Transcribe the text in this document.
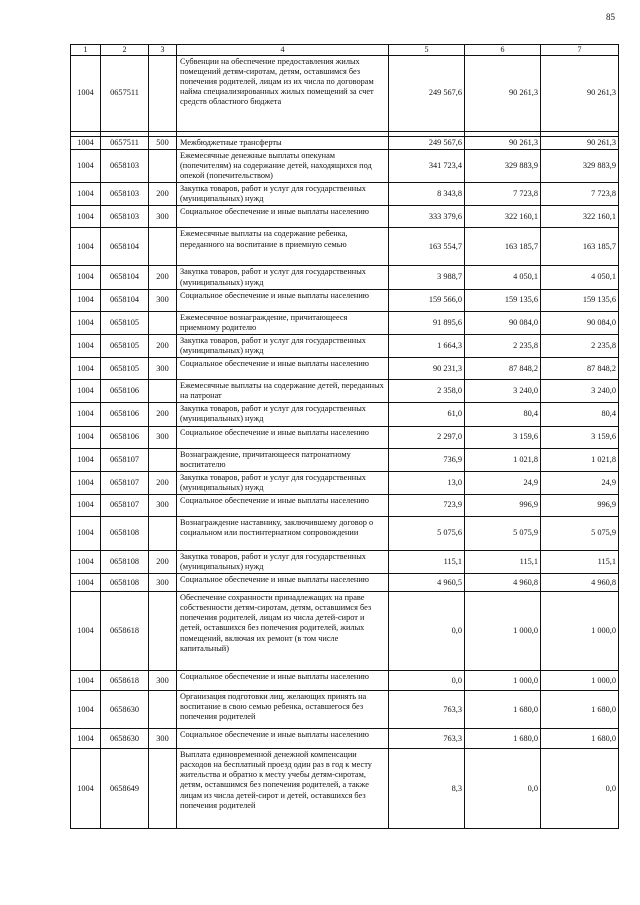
85
1	2	3	4	5	6	7
1004	0657511		Субвенции на обеспечение предоставления жилых помещений детям-сиротам, детям, оставшимся без попечения родителей, лицам из их числа по договорам найма специализированных жилых помещений за счет средств областного бюджета	249 567,6	90 261,3	90 261,3

1004	0657511	500	Межбюджетные трансферты	249 567,6	90 261,3	90 261,3
1004	0658103		Ежемесячные денежные выплаты опекунам (попечителям) на содержание детей, находящихся под опекой (попечительством)	341 723,4	329 883,9	329 883,9
1004	0658103	200	Закупка товаров, работ и услуг для государственных (муниципальных) нужд	8 343,8	7 723,8	7 723,8
1004	0658103	300	Социальное обеспечение и иные выплаты населению	333 379,6	322 160,1	322 160,1
1004	0658104		Ежемесячные выплаты на содержание ребенка, переданного на воспитание в приемную семью	163 554,7	163 185,7	163 185,7
1004	0658104	200	Закупка товаров, работ и услуг для государственных (муниципальных) нужд	3 988,7	4 050,1	4 050,1
1004	0658104	300	Социальное обеспечение и иные выплаты населению	159 566,0	159 135,6	159 135,6
1004	0658105		Ежемесячное вознаграждение, причитающееся приемному родителю	91 895,6	90 084,0	90 084,0
1004	0658105	200	Закупка товаров, работ и услуг для государственных (муниципальных) нужд	1 664,3	2 235,8	2 235,8
1004	0658105	300	Социальное обеспечение и иные выплаты населению	90 231,3	87 848,2	87 848,2
1004	0658106		Ежемесячные выплаты на содержание детей, переданных на патронат	2 358,0	3 240,0	3 240,0
1004	0658106	200	Закупка товаров, работ и услуг для государственных (муниципальных) нужд	61,0	80,4	80,4
1004	0658106	300	Социальное обеспечение и иные выплаты населению	2 297,0	3 159,6	3 159,6
1004	0658107		Вознаграждение, причитающееся патронатному воспитателю	736,9	1 021,8	1 021,8
1004	0658107	200	Закупка товаров, работ и услуг для государственных (муниципальных) нужд	13,0	24,9	24,9
1004	0658107	300	Социальное обеспечение и иные выплаты населению	723,9	996,9	996,9
1004	0658108		Вознаграждение наставнику, заключившему договор о социальном или постинтернатном сопровождении	5 075,6	5 075,9	5 075,9
1004	0658108	200	Закупка товаров, работ и услуг для государственных (муниципальных) нужд	115,1	115,1	115,1
1004	0658108	300	Социальное обеспечение и иные выплаты населению	4 960,5	4 960,8	4 960,8
1004	0658618		Обеспечение сохранности принадлежащих на праве собственности детям-сиротам, детям, оставшимся без попечения родителей, лицам из числа детей-сирот и детей, оставшихся без попечения родителей, жилых помещений, включая их ремонт (в том числе капитальный)	0,0	1 000,0	1 000,0
1004	0658618	300	Социальное обеспечение и иные выплаты населению	0,0	1 000,0	1 000,0
1004	0658630		Организация подготовки лиц, желающих принять на воспитание в свою семью ребенка, оставшегося без попечения родителей	763,3	1 680,0	1 680,0
1004	0658630	300	Социальное обеспечение и иные выплаты населению	763,3	1 680,0	1 680,0
1004	0658649		Выплата единовременной денежной компенсации расходов на бесплатный проезд один раз в год к месту жительства и обратно к месту учебы детям-сиротам, детям, оставшимся без попечения родителей, а также лицам из числа детей-сирот и детей, оставшихся без попечения родителей	8,3	0,0	0,0
